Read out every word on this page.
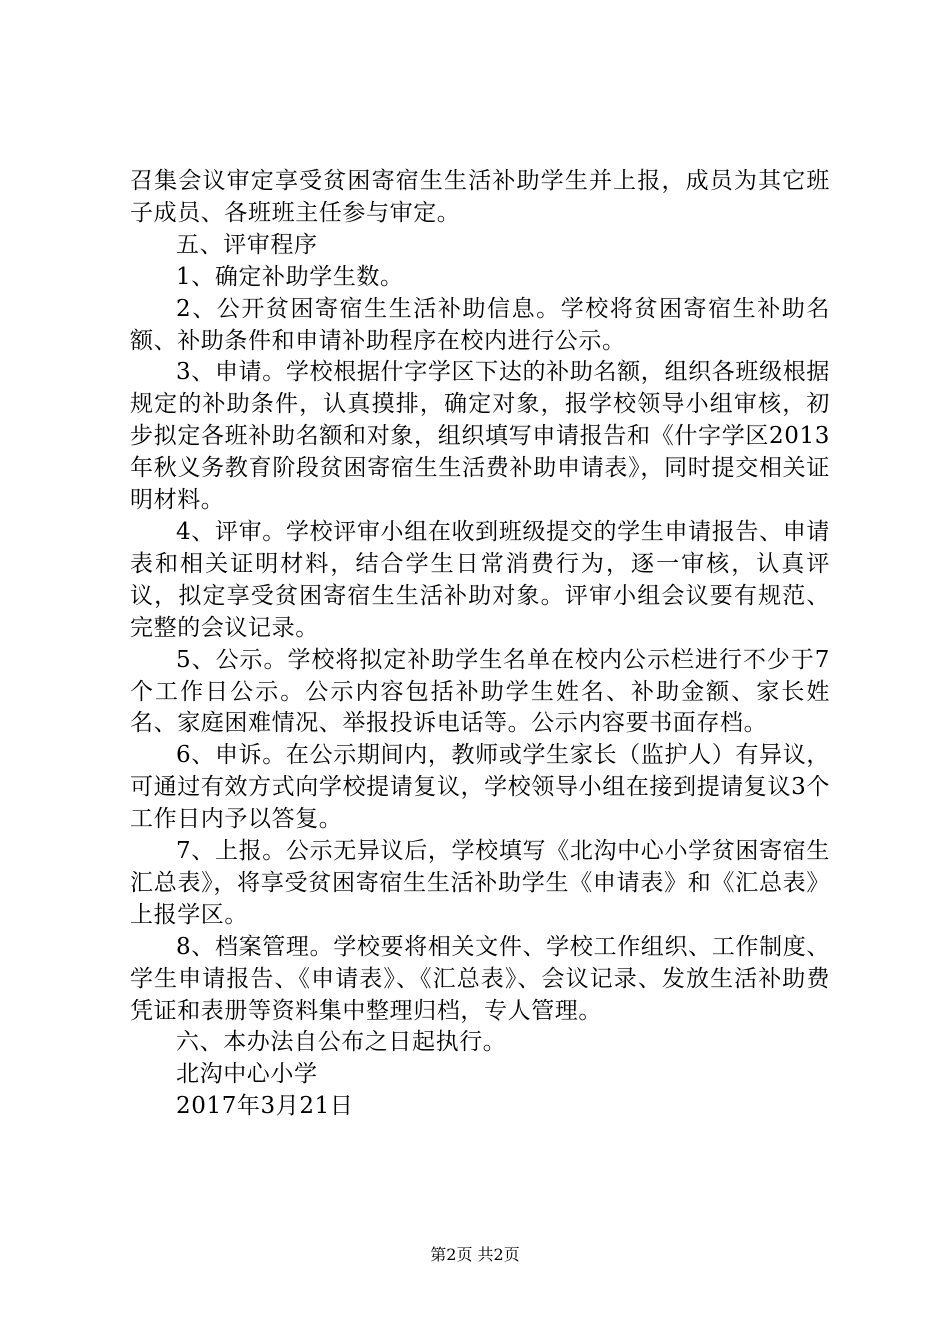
召集会议审定享受贫困寄宿生生活补助学生并上报，成员为其它班子成员、各班班主任参与审定。

五、评审程序

1、确定补助学生数。

2、公开贫困寄宿生生活补助信息。学校将贫困寄宿生补助名额、补助条件和申请补助程序在校内进行公示。

3、申请。学校根据什字学区下达的补助名额，组织各班级根据规定的补助条件，认真摸排，确定对象，报学校领导小组审核，初步拟定各班补助名额和对象，组织填写申请报告和《什字学区2013年秋义务教育阶段贫困寄宿生生活费补助申请表》，同时提交相关证明材料。

4、评审。学校评审小组在收到班级提交的学生申请报告、申请表和相关证明材料，结合学生日常消费行为，逐一审核，认真评议，拟定享受贫困寄宿生生活补助对象。评审小组会议要有规范、完整的会议记录。

5、公示。学校将拟定补助学生名单在校内公示栏进行不少于7个工作日公示。公示内容包括补助学生姓名、补助金额、家长姓名、家庭困难情况、举报投诉电话等。公示内容要书面存档。

6、申诉。在公示期间内，教师或学生家长（监护人）有异议，可通过有效方式向学校提请复议，学校领导小组在接到提请复议3个工作日内予以答复。

7、上报。公示无异议后，学校填写《北沟中心小学贫困寄宿生汇总表》，将享受贫困寄宿生生活补助学生《申请表》和《汇总表》上报学区。

8、档案管理。学校要将相关文件、学校工作组织、工作制度、学生申请报告、《申请表》、《汇总表》、会议记录、发放生活补助费凭证和表册等资料集中整理归档，专人管理。

六、本办法自公布之日起执行。

北沟中心小学

2017年3月21日

第2页 共2页
